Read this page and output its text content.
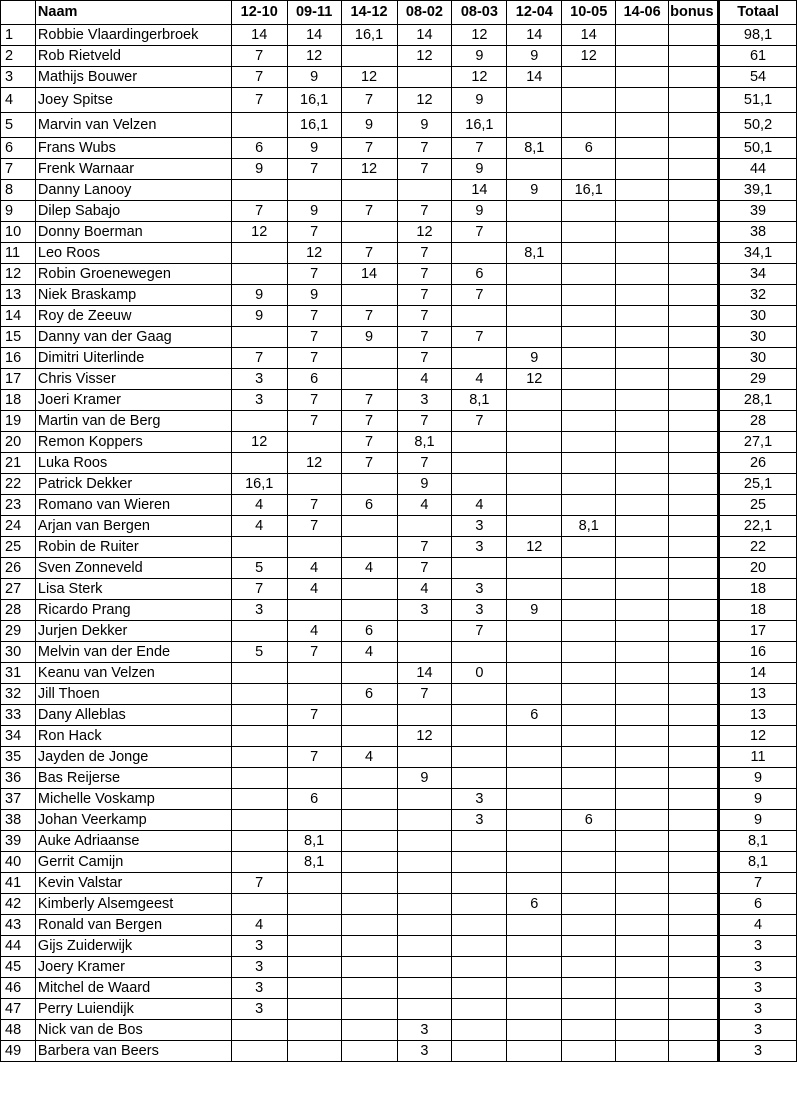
	Naam	12-10	09-11	14-12	08-02	08-03	12-04	10-05	14-06	bonus	Totaal
1	Robbie Vlaardingerbroek	14	14	16,1	14	12	14	14			98,1
2	Rob Rietveld	7	12		12	9	9	12			61
3	Mathijs Bouwer	7	9	12		12	14				54
4	Joey Spitse	7	16,1	7	12	9					51,1
5	Marvin van Velzen		16,1	9	9	16,1					50,2
6	Frans Wubs	6	9	7	7	7	8,1	6			50,1
7	Frenk Warnaar	9	7	12	7	9					44
8	Danny Lanooy					14	9	16,1			39,1
9	Dilep Sabajo	7	9	7	7	9					39
10	Donny Boerman	12	7		12	7					38
11	Leo Roos		12	7	7		8,1				34,1
12	Robin Groenewegen		7	14	7	6					34
13	Niek Braskamp	9	9		7	7					32
14	Roy de Zeeuw	9	7	7	7						30
15	Danny van der Gaag		7	9	7	7					30
16	Dimitri Uiterlinde	7	7		7		9				30
17	Chris Visser	3	6		4	4	12				29
18	Joeri Kramer	3	7	7	3	8,1					28,1
19	Martin van de Berg		7	7	7	7					28
20	Remon Koppers	12		7	8,1						27,1
21	Luka Roos		12	7	7						26
22	Patrick Dekker	16,1			9						25,1
23	Romano van Wieren	4	7	6	4	4					25
24	Arjan van Bergen	4	7			3		8,1			22,1
25	Robin de Ruiter				7	3	12				22
26	Sven Zonneveld	5	4	4	7						20
27	Lisa Sterk	7	4		4	3					18
28	Ricardo Prang	3			3	3	9				18
29	Jurjen Dekker		4	6		7					17
30	Melvin van der Ende	5	7	4							16
31	Keanu van Velzen				14	0					14
32	Jill Thoen			6	7						13
33	Dany Alleblas		7				6				13
34	Ron Hack				12						12
35	Jayden de Jonge		7	4							11
36	Bas Reijerse				9						9
37	Michelle Voskamp		6			3					9
38	Johan Veerkamp					3		6			9
39	Auke Adriaanse		8,1								8,1
40	Gerrit Camijn		8,1								8,1
41	Kevin Valstar	7									7
42	Kimberly Alsemgeest						6				6
43	Ronald van Bergen	4									4
44	Gijs Zuiderwijk	3									3
45	Joery Kramer	3									3
46	Mitchel de Waard	3									3
47	Perry Luiendijk	3									3
48	Nick van de Bos				3						3
49	Barbera van Beers				3						3
